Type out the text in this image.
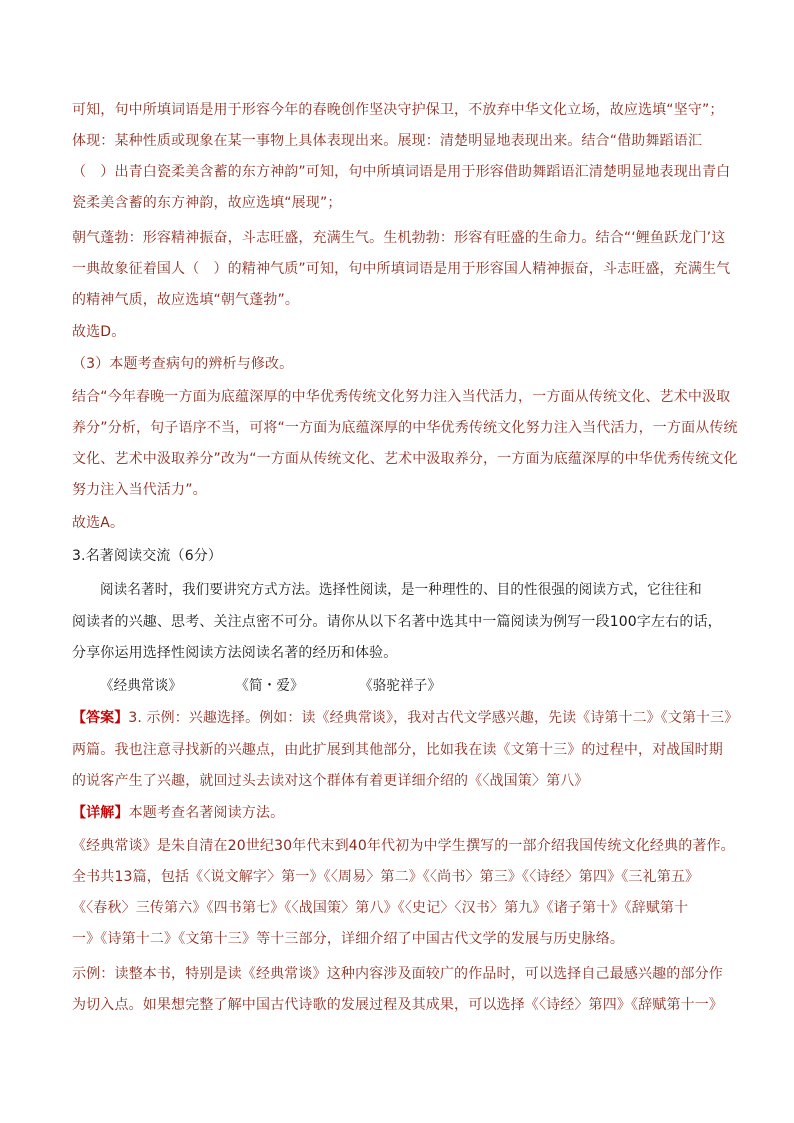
可知，句中所填词语是用于形容今年的春晚创作坚决守护保卫，不放弃中华文化立场，故应选填“坚守”；
体现：某种性质或现象在某一事物上具体表现出来。展现：清楚明显地表现出来。结合“借助舞蹈语汇
（　）出青白瓷柔美含蓄的东方神韵”可知，句中所填词语是用于形容借助舞蹈语汇清楚明显地表现出青白
瓷柔美含蓄的东方神韵，故应选填“展现”；
朝气蓬勃：形容精神振奋，斗志旺盛，充满生气。生机勃勃：形容有旺盛的生命力。结合“‘鲤鱼跃龙门’这
一典故象征着国人（　）的精神气质”可知，句中所填词语是用于形容国人精神振奋，斗志旺盛，充满生气
的精神气质，故应选填“朝气蓬勃”。
故选D。
（3）本题考查病句的辨析与修改。
结合“今年春晚一方面为底蕴深厚的中华优秀传统文化努力注入当代活力，一方面从传统文化、艺术中汲取
养分”分析，句子语序不当，可将“一方面为底蕴深厚的中华优秀传统文化努力注入当代活力，一方面从传统
文化、艺术中汲取养分”改为“一方面从传统文化、艺术中汲取养分，一方面为底蕴深厚的中华优秀传统文化
努力注入当代活力”。
故选A。
3.名著阅读交流（6分）
阅读名著时，我们要讲究方式方法。选择性阅读，是一种理性的、目的性很强的阅读方式，它往往和
阅读者的兴趣、思考、关注点密不可分。请你从以下名著中选其中一篇阅读为例写一段100字左右的话，
分享你运用选择性阅读方法阅读名著的经历和体验。
《经典常谈》	《简・爱》	《骆驼祥子》
【答案】3. 示例：兴趣选择。例如：读《经典常谈》，我对古代文学感兴趣，先读《诗第十二》《文第十三》
两篇。我也注意寻找新的兴趣点，由此扩展到其他部分，比如我在读《文第十三》的过程中，对战国时期
的说客产生了兴趣，就回过头去读对这个群体有着更详细介绍的《〈战国策〉第八》
【详解】本题考查名著阅读方法。
《经典常谈》是朱自清在20世纪30年代末到40年代初为中学生撰写的一部介绍我国传统文化经典的著作。
全书共13篇，包括《〈说文解字〉第一》《〈周易〉第二》《〈尚书〉第三》《〈诗经〉第四》《三礼第五》
《〈春秋〉三传第六》《四书第七》《〈战国策〉第八》《〈史记〉〈汉书〉第九》《诸子第十》《辞赋第十
一》《诗第十二》《文第十三》等十三部分，详细介绍了中国古代文学的发展与历史脉络。
示例：读整本书，特别是读《经典常谈》这种内容涉及面较广的作品时，可以选择自己最感兴趣的部分作
为切入点。如果想完整了解中国古代诗歌的发展过程及其成果，可以选择《〈诗经〉第四》《辞赋第十一》
